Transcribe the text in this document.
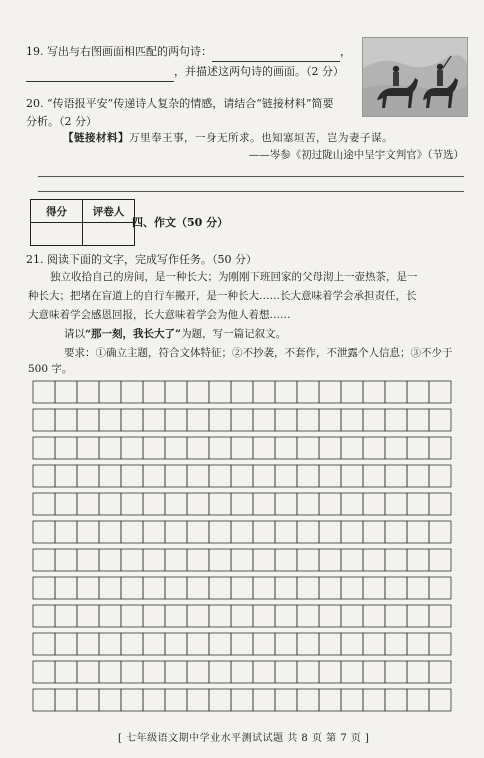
19. 写出与右图画面相匹配的两句诗：	，
，并描述这两句诗的画面。（2 分）
20. “传语报平安”传递诗人复杂的情感，请结合“链接材料”简要
分析。（2 分）
【链接材料】万里奉王事，一身无所求。也知塞垣苦，岂为妻子谋。
——岑参《初过陇山途中呈宇文判官》（节选）
得分	评卷人

四、作文（50 分）
21. 阅读下面的文字，完成写作任务。（50 分）
独立收拾自己的房间，是一种长大；为刚刚下班回家的父母沏上一壶热茶，是一
种长大；把堵在盲道上的自行车搬开，是一种长大……长大意味着学会承担责任，长
大意味着学会感恩回报，长大意味着学会为他人着想……
请以“那一刻，我长大了”为题，写一篇记叙文。
要求：①确立主题，符合文体特征；②不抄袭，不套作，不泄露个人信息；③不少于
500 字。
[ 七年级语文期中学业水平测试试题 共 8 页 第 7 页 ]
